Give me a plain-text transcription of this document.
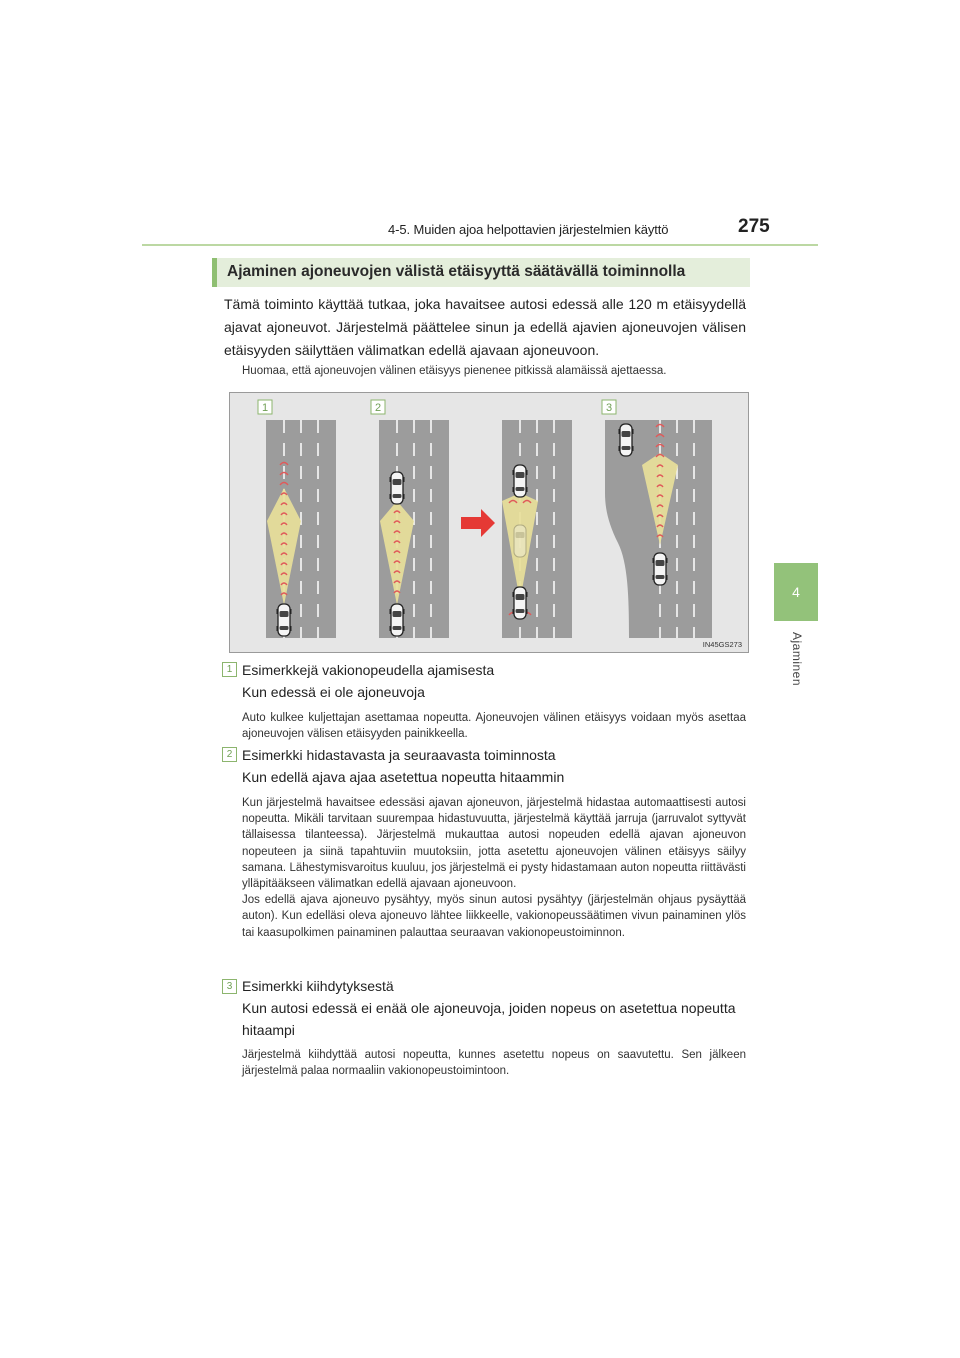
4-5. Muiden ajoa helpottavien järjestelmien käyttö	275
4
Ajaminen
Ajaminen ajoneuvojen välistä etäisyyttä säätävällä toiminnolla
Tämä toiminto käyttää tutkaa, joka havaitsee autosi edessä alle 120 m etäisyydellä ajavat ajoneuvot. Järjestelmä päättelee sinun ja edellä ajavien ajoneuvojen välisen etäisyyden säilyttäen välimatkan edellä ajavaan ajoneuvoon.
Huomaa, että ajoneuvojen välinen etäisyys pienenee pitkissä alamäissä ajettaessa.
1	2	3
IN45GS273
1 Esimerkkejä vakionopeudella ajamisesta
Kun edessä ei ole ajoneuvoja
Auto kulkee kuljettajan asettamaa nopeutta. Ajoneuvojen välinen etäisyys voidaan myös asettaa ajoneuvojen välisen etäisyyden painikkeella.
2 Esimerkki hidastavasta ja seuraavasta toiminnosta
Kun edellä ajava ajaa asetettua nopeutta hitaammin
Kun järjestelmä havaitsee edessäsi ajavan ajoneuvon, järjestelmä hidastaa automaattisesti autosi nopeutta. Mikäli tarvitaan suurempaa hidastuvuutta, järjestelmä käyttää jarruja (jarruvalot syttyvät tällaisessa tilanteessa). Järjestelmä mukauttaa autosi nopeuden edellä ajavan ajoneuvon nopeuteen ja siinä tapahtuviin muutoksiin, jotta asetettu ajoneuvojen välinen etäisyys säilyy samana. Lähestymisvaroitus kuuluu, jos järjestelmä ei pysty hidastamaan auton nopeutta riittävästi ylläpitääkseen välimatkan edellä ajavaan ajoneuvoon.
Jos edellä ajava ajoneuvo pysähtyy, myös sinun autosi pysähtyy (järjestelmän ohjaus pysäyttää auton). Kun edelläsi oleva ajoneuvo lähtee liikkeelle, vakionopeussäätimen vivun painaminen ylös tai kaasupolkimen painaminen palauttaa seuraavan vakionopeustoiminnon.
3 Esimerkki kiihdytyksestä
Kun autosi edessä ei enää ole ajoneuvoja, joiden nopeus on asetettua nopeutta hitaampi
Järjestelmä kiihdyttää autosi nopeutta, kunnes asetettu nopeus on saavutettu. Sen jälkeen järjestelmä palaa normaaliin vakionopeustoimintoon.
